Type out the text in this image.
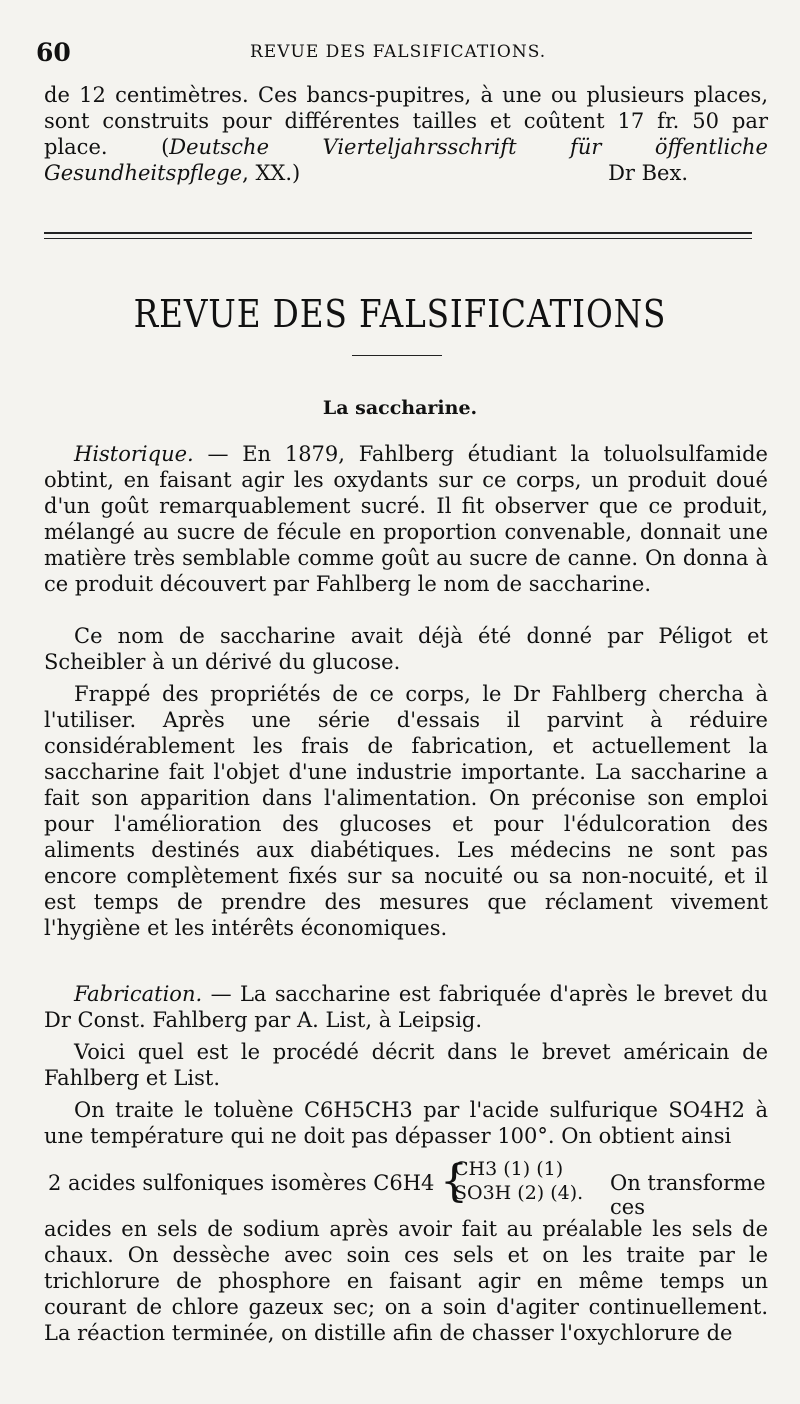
60	REVUE DES FALSIFICATIONS.

de 12 centimètres. Ces bancs-pupitres, à une ou plusieurs places, sont construits pour différentes tailles et coûtent 17 fr. 50 par place. (Deutsche Vierteljahrsschrift für öffentliche Gesundheitspflege, XX.)	Dr Bex.

REVUE DES FALSIFICATIONS
La saccharine.

Historique. — En 1879, Fahlberg étudiant la toluolsulfamide obtint, en faisant agir les oxydants sur ce corps, un produit doué d'un goût remarquablement sucré. Il fit observer que ce produit, mélangé au sucre de fécule en proportion convenable, donnait une matière très semblable comme goût au sucre de canne. On donna à ce produit découvert par Fahlberg le nom de saccharine.

Ce nom de saccharine avait déjà été donné par Péligot et Scheibler à un dérivé du glucose.

Frappé des propriétés de ce corps, le Dr Fahlberg chercha à l'utiliser. Après une série d'essais il parvint à réduire considérablement les frais de fabrication, et actuellement la saccharine fait l'objet d'une industrie importante. La saccharine a fait son apparition dans l'alimentation. On préconise son emploi pour l'amélioration des glucoses et pour l'édulcoration des aliments destinés aux diabétiques. Les médecins ne sont pas encore complètement fixés sur sa nocuité ou sa non-nocuité, et il est temps de prendre des mesures que réclament vivement l'hygiène et les intérêts économiques.

Fabrication. — La saccharine est fabriquée d'après le brevet du Dr Const. Fahlberg par A. List, à Leipsig.

Voici quel est le procédé décrit dans le brevet américain de Fahlberg et List.

On traite le toluène C6H5CH3 par l'acide sulfurique SO4H2 à une température qui ne doit pas dépasser 100°. On obtient ainsi

2 acides sulfoniques isomères C6H4 {
CH3 (1) (1)
SO3H (2) (4). On transforme ces

acides en sels de sodium après avoir fait au préalable les sels de chaux. On dessèche avec soin ces sels et on les traite par le trichlorure de phosphore en faisant agir en même temps un courant de chlore gazeux sec; on a soin d'agiter continuellement. La réaction terminée, on distille afin de chasser l'oxychlorure de
